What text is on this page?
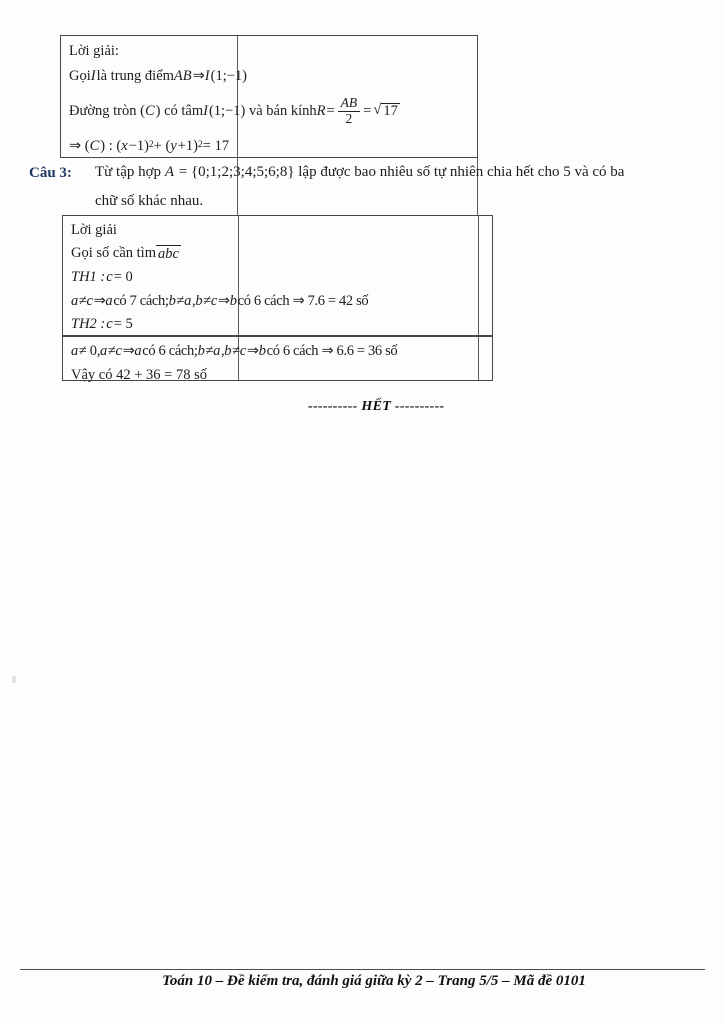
Lời giải:
Gọi I là trung điểm AB ⇒ I (1;−1)
Đường tròn ( C ) có tâm I (1;−1) và bán kính $R = \frac{AB}{2}$ = √ 17
⇒ ( C ) : ( x −1)$^2$ + ( y +1)$^2$ = 17
Câu 3: Từ tập hợp A = {0;1;2;3;4;5;6;8} lập được bao nhiêu số tự nhiên chia hết cho 5 và có ba
chữ số khác nhau.
Lời giải
Gọi số cần tìm abc
TH1 : c = 0
a ≠ c ⇒ a có 7 cách; b ≠ a , b ≠ c ⇒ b có 6 cách ⇒ 7.6 = 42 số
TH2 : c = 5
a ≠ 0, a ≠ c ⇒ a có 6 cách; b ≠ a , b ≠ c ⇒ b có 6 cách ⇒ 6.6 = 36 số
Vậy có 42 + 36 = 78 số
---------- HẾT ----------
Toán 10 – Đề kiểm tra, đánh giá giữa kỳ 2 – Trang 5/5 – Mã đề 0101
